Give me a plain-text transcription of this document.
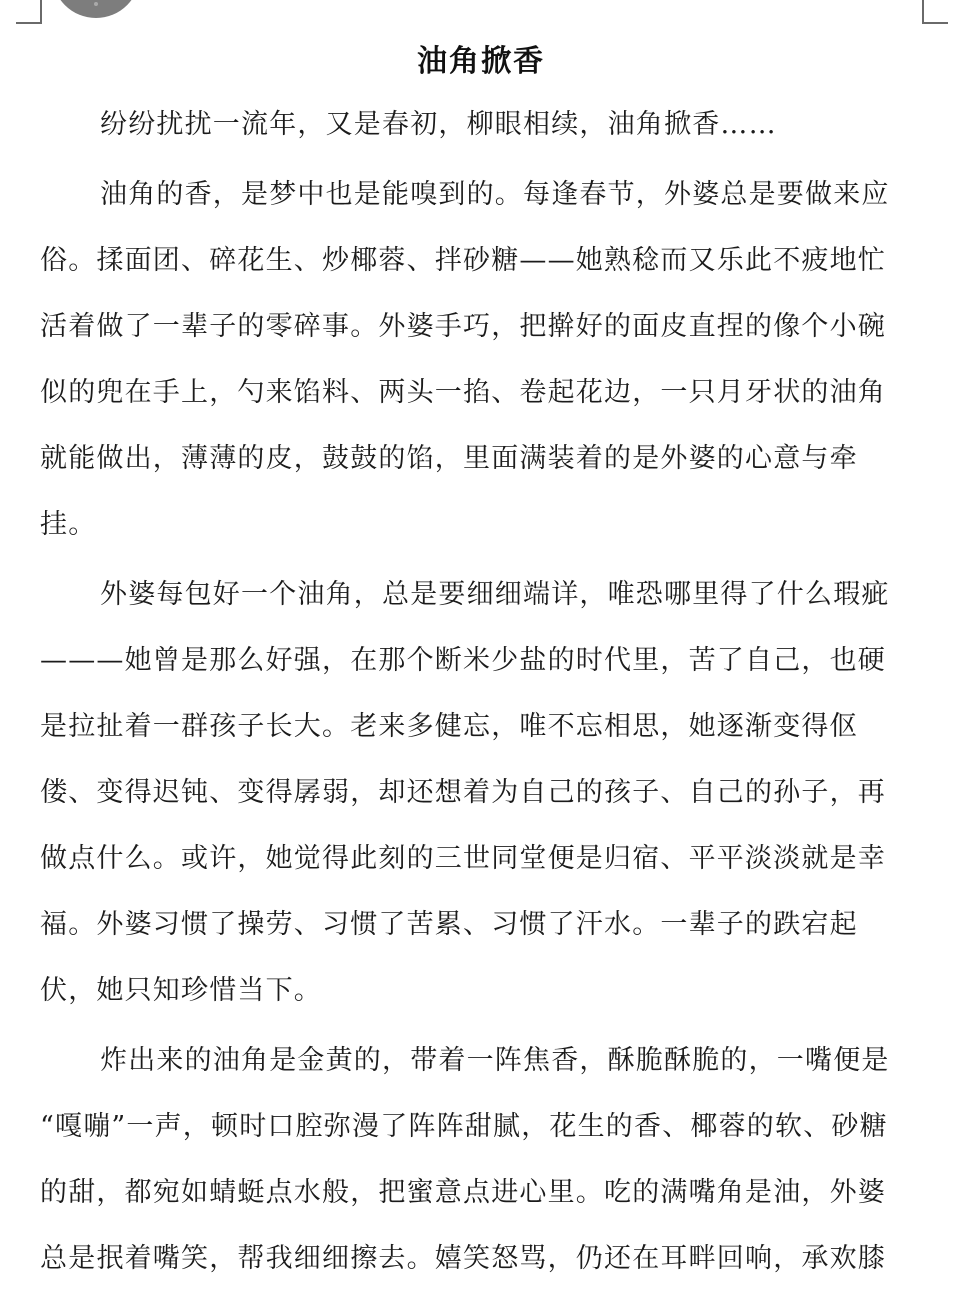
油角掀香
纷纷扰扰一流年，又是春初，柳眼相续，油角掀香……
油角的香，是梦中也是能嗅到的。每逢春节，外婆总是要做来应
俗。揉面团、碎花生、炒椰蓉、拌砂糖——她熟稔而又乐此不疲地忙
活着做了一辈子的零碎事。外婆手巧，把擀好的面皮直捏的像个小碗
似的兜在手上，勺来馅料、两头一掐、卷起花边，一只月牙状的油角
就能做出，薄薄的皮，鼓鼓的馅，里面满装着的是外婆的心意与牵
挂。
外婆每包好一个油角，总是要细细端详，唯恐哪里得了什么瑕疵
———她曾是那么好强，在那个断米少盐的时代里，苦了自己，也硬
是拉扯着一群孩子长大。老来多健忘，唯不忘相思，她逐渐变得伛
偻、变得迟钝、变得孱弱，却还想着为自己的孩子、自己的孙子，再
做点什么。或许，她觉得此刻的三世同堂便是归宿、平平淡淡就是幸
福。外婆习惯了操劳、习惯了苦累、习惯了汗水。一辈子的跌宕起
伏，她只知珍惜当下。
炸出来的油角是金黄的，带着一阵焦香，酥脆酥脆的，一嘴便是
“嘎嘣”一声，顿时口腔弥漫了阵阵甜腻，花生的香、椰蓉的软、砂糖
的甜，都宛如蜻蜓点水般，把蜜意点进心里。吃的满嘴角是油，外婆
总是抿着嘴笑，帮我细细擦去。嬉笑怒骂，仍还在耳畔回响，承欢膝
